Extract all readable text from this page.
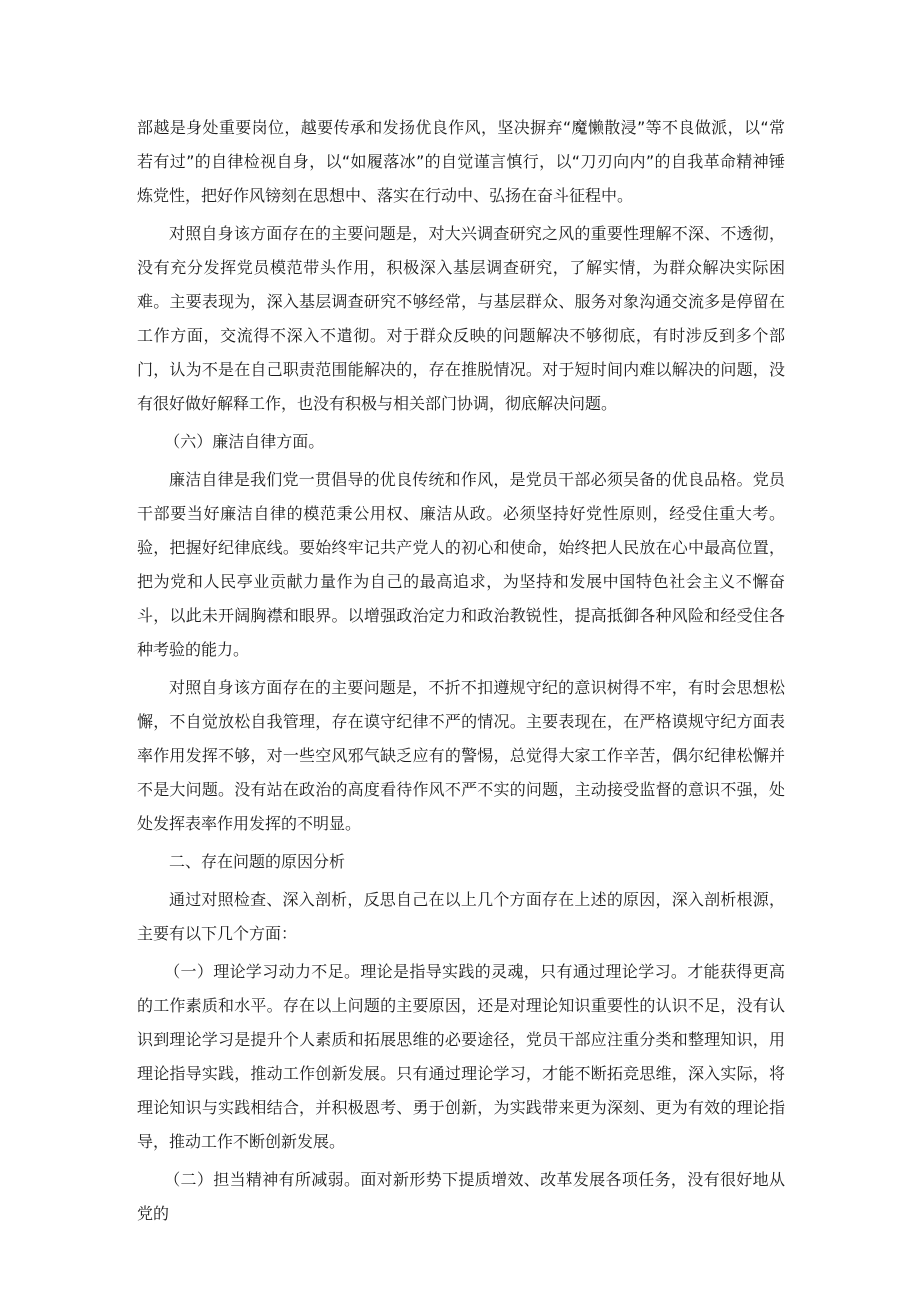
部越是身处重要岗位，越要传承和发扬优良作风，坚决摒弃“魔懒散浸”等不良做派，以“常若有过”的自律检视自身，以“如履落冰”的自觉谨言慎行，以“刀刃向内”的自我革命精神锤炼党性，把好作风镑刻在思想中、落实在行动中、弘扬在奋斗征程中。

对照自身该方面存在的主要问题是，对大兴调查研究之风的重要性理解不深、不透彻，没有充分发挥党员模范带头作用，积极深入基层调查研究，了解实情，为群众解决实际困难。主要表现为，深入基层调查研究不够经常，与基层群众、服务对象沟通交流多是停留在工作方面，交流得不深入不遣彻。对于群众反映的问题解决不够彻底，有时涉反到多个部门，认为不是在自己职责范围能解决的，存在推脱情况。对于短时间内难以解决的问题，没有很好做好解释工作，也没有积极与相关部门协调，彻底解决问题。

（六）廉洁自律方面。

廉洁自律是我们党一贯倡导的优良传统和作风，是党员干部必须吴备的优良品格。党员干部要当好廉洁自律的模范秉公用权、廉洁从政。必须坚持好党性原则，经受住重大考。验，把握好纪律底线。要始终牢记共产党人的初心和使命，始终把人民放在心中最高位置，把为党和人民亭业贡献力量作为自己的最高追求，为坚持和发展中国特色社会主义不懈奋斗，以此未开阔胸襟和眼界。以增强政治定力和政治教锐性，提高抵御各种风险和经受住各种考验的能力。

对照自身该方面存在的主要问题是，不折不扣遵规守纪的意识树得不牢，有时会思想松懈，不自觉放松自我管理，存在谟守纪律不严的情况。主要表现在，在严格谟规守纪方面表率作用发挥不够，对一些空风邪气缺乏应有的警惕，总觉得大家工作辛苦，偶尔纪律松懈并不是大问题。没有站在政治的高度看待作风不严不实的问题，主动接受监督的意识不强，处处发挥表率作用发挥的不明显。

二、存在问题的原因分析

通过对照检查、深入剖析，反思自己在以上几个方面存在上述的原因，深入剖析根源，主要有以下几个方面：

（一）理论学习动力不足。理论是指导实践的灵魂，只有通过理论学习。才能获得更高的工作素质和水平。存在以上问题的主要原因，还是对理论知识重要性的认识不足，没有认识到理论学习是提升个人素质和拓展思维的必要途径，党员干部应注重分类和整理知识，用理论指导实践，推动工作创新发展。只有通过理论学习，才能不断拓竞思维，深入实际，将理论知识与实践相结合，并积极恩考、勇于创新，为实践带来更为深刻、更为有效的理论指导，推动工作不断创新发展。

（二）担当精神有所减弱。面对新形势下提质增效、改革发展各项任务，没有很好地从党的
